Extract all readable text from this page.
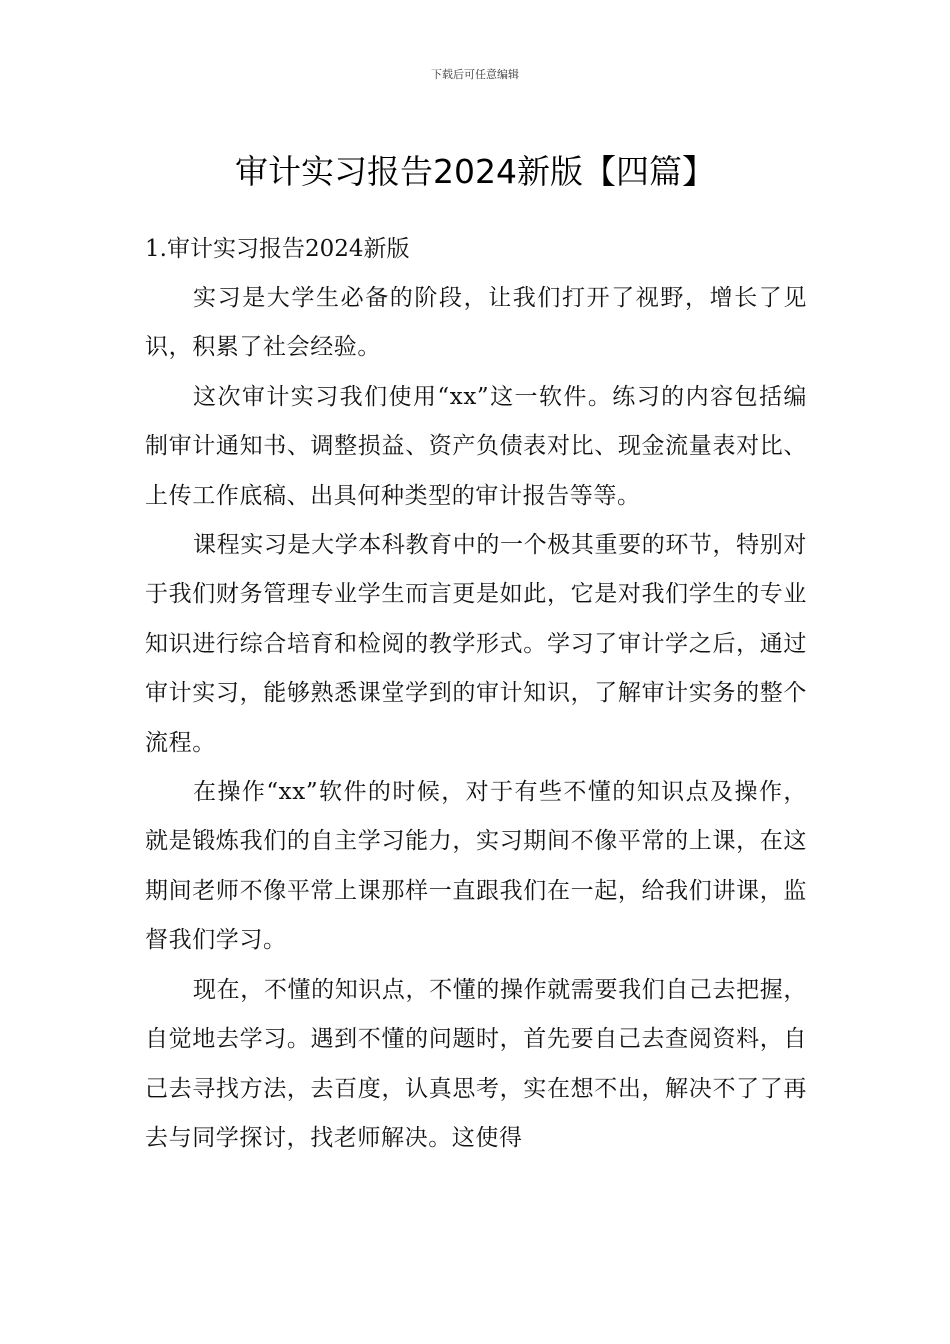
下载后可任意编辑
审计实习报告2024新版【四篇】

1.审计实习报告2024新版

实习是大学生必备的阶段，让我们打开了视野，增长了见识，积累了社会经验。

这次审计实习我们使用“xx”这一软件。练习的内容包括编制审计通知书、调整损益、资产负债表对比、现金流量表对比、上传工作底稿、出具何种类型的审计报告等等。

课程实习是大学本科教育中的一个极其重要的环节，特别对于我们财务管理专业学生而言更是如此，它是对我们学生的专业知识进行综合培育和检阅的教学形式。学习了审计学之后，通过审计实习，能够熟悉课堂学到的审计知识，了解审计实务的整个流程。

在操作“xx”软件的时候，对于有些不懂的知识点及操作，就是锻炼我们的自主学习能力，实习期间不像平常的上课，在这期间老师不像平常上课那样一直跟我们在一起，给我们讲课，监督我们学习。

现在，不懂的知识点，不懂的操作就需要我们自己去把握，自觉地去学习。遇到不懂的问题时，首先要自己去查阅资料，自己去寻找方法，去百度，认真思考，实在想不出，解决不了了再去与同学探讨，找老师解决。这使得
